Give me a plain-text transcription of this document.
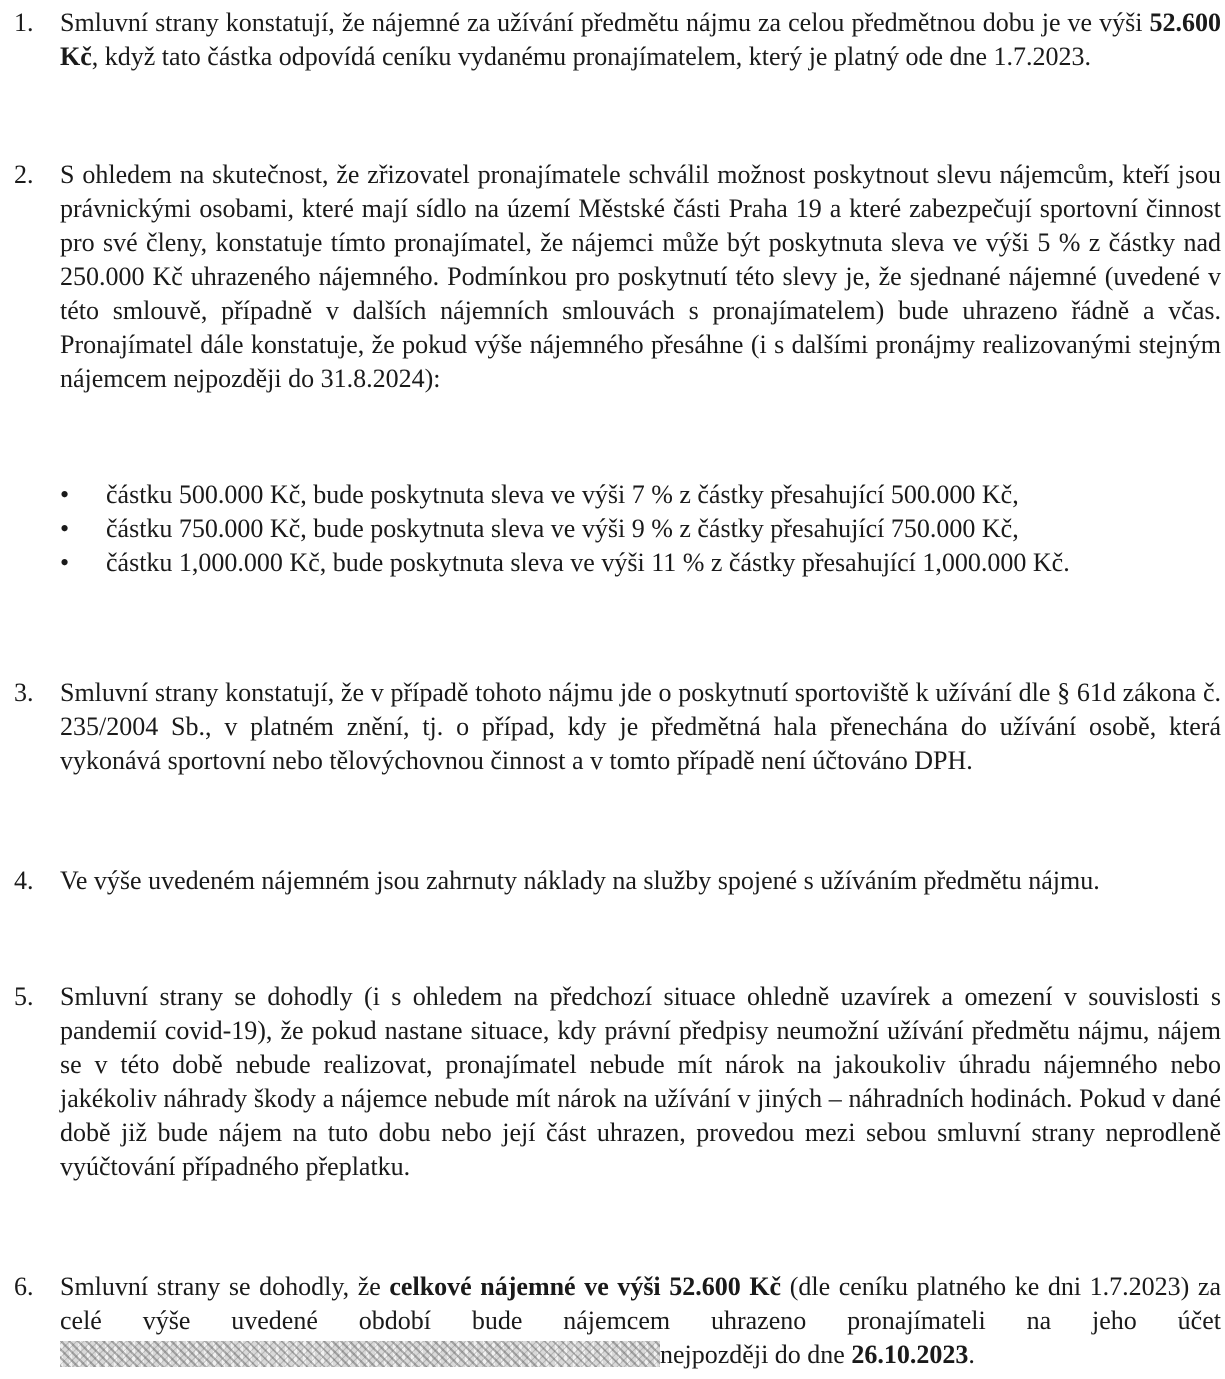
1. Smluvní strany konstatují, že nájemné za užívání předmětu nájmu za celou předmětnou dobu je ve výši 52.600 Kč, když tato částka odpovídá ceníku vydanému pronajímatelem, který je platný ode dne 1.7.2023.

2. S ohledem na skutečnost, že zřizovatel pronajímatele schválil možnost poskytnout slevu nájemcům, kteří jsou právnickými osobami, které mají sídlo na území Městské části Praha 19 a které zabezpečují sportovní činnost pro své členy, konstatuje tímto pronajímatel, že nájemci může být poskytnuta sleva ve výši 5 % z částky nad 250.000 Kč uhrazeného nájemného. Podmínkou pro poskytnutí této slevy je, že sjednané nájemné (uvedené v této smlouvě, případně v dalších nájemních smlouvách s pronajímatelem) bude uhrazeno řádně a včas. Pronajímatel dále konstatuje, že pokud výše nájemného přesáhne (i s dalšími pronájmy realizovanými stejným nájemcem nejpozději do 31.8.2024):

• částku 500.000 Kč, bude poskytnuta sleva ve výši 7 % z částky přesahující 500.000 Kč,
• částku 750.000 Kč, bude poskytnuta sleva ve výši 9 % z částky přesahující 750.000 Kč,
• částku 1,000.000 Kč, bude poskytnuta sleva ve výši 11 % z částky přesahující 1,000.000 Kč.
3. Smluvní strany konstatují, že v případě tohoto nájmu jde o poskytnutí sportoviště k užívání dle § 61d zákona č. 235/2004 Sb., v platném znění, tj. o případ, kdy je předmětná hala přenechána do užívání osobě, která vykonává sportovní nebo tělovýchovnou činnost a v tomto případě není účtováno DPH.

4. Ve výše uvedeném nájemném jsou zahrnuty náklady na služby spojené s užíváním předmětu nájmu.

5. Smluvní strany se dohodly (i s ohledem na předchozí situace ohledně uzavírek a omezení v souvislosti s pandemií covid-19), že pokud nastane situace, kdy právní předpisy neumožní užívání předmětu nájmu, nájem se v této době nebude realizovat, pronajímatel nebude mít nárok na jakoukoliv úhradu nájemného nebo jakékoliv náhrady škody a nájemce nebude mít nárok na užívání v jiných – náhradních hodinách. Pokud v dané době již bude nájem na tuto dobu nebo její část uhrazen, provedou mezi sebou smluvní strany neprodleně vyúčtování případného přeplatku.

6. Smluvní strany se dohodly, že celkové nájemné ve výši 52.600 Kč (dle ceníku platného ke dni 1.7.2023) za celé výše uvedené období bude nájemcem uhrazeno pronajímateli na jeho účet nejpozději do dne 26.10.2023.
